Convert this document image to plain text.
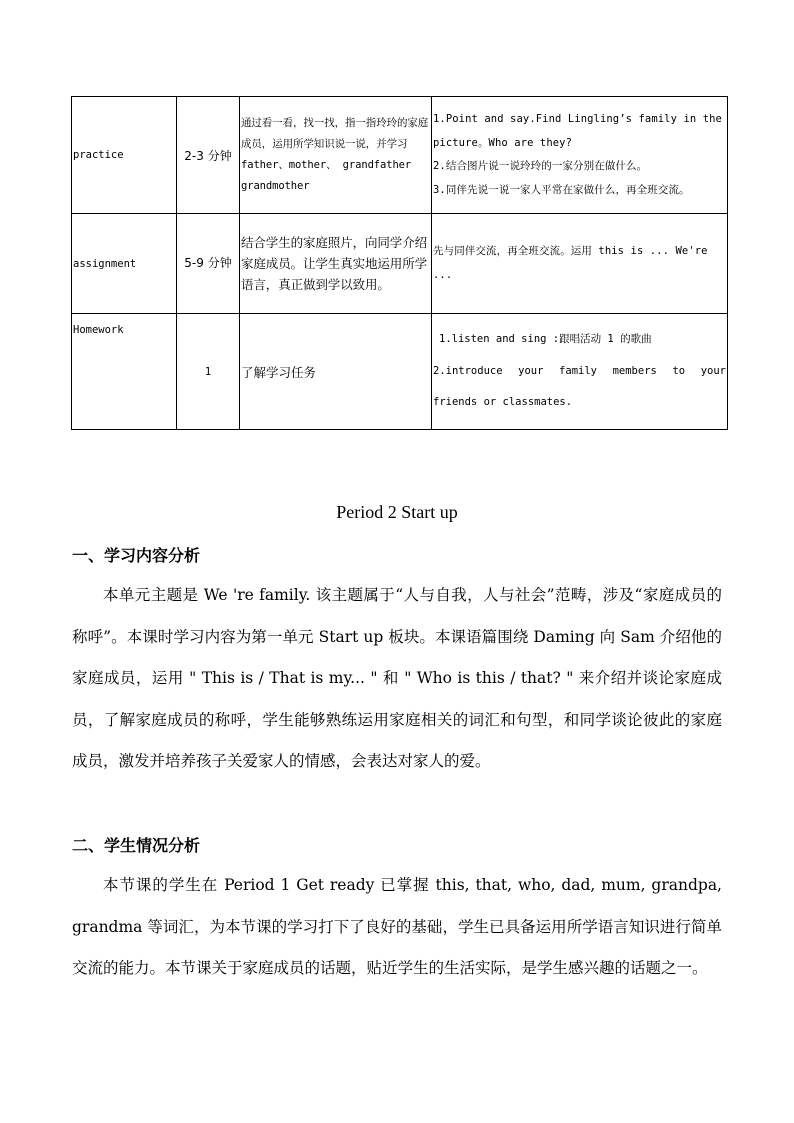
practice	2-3 分钟	通过看一看，找一找，指一指玲玲的家庭成员，运用所学知识说一说，并学习 father、mother、 grandfather grandmother	1.Point and say.Find Lingling’s family in the picture。Who are they?
2.结合图片说一说玲玲的一家分别在做什么。
3.同伴先说一说一家人平常在家做什么，再全班交流。

assignment	5-9 分钟	结合学生的家庭照片，向同学介绍家庭成员。让学生真实地运用所学语言，真正做到学以致用。	先与同伴交流，再全班交流。运用 this is ... We're ...

Homework	1	了解学习任务	1.listen and sing :跟唱活动 1 的歌曲
2.introduce your family members to your friends or classmates.
Period 2 Start up
一、学习内容分析
本单元主题是 We 're family. 该主题属于“人与自我，人与社会”范畴，涉及“家庭成员的称呼”。本课时学习内容为第一单元 Start up 板块。本课语篇围绕 Daming 向 Sam 介绍他的家庭成员，运用 " This is / That is my... " 和 " Who is this / that? " 来介绍并谈论家庭成员，了解家庭成员的称呼，学生能够熟练运用家庭相关的词汇和句型，和同学谈论彼此的家庭成员，激发并培养孩子关爱家人的情感，会表达对家人的爱。
二、学生情况分析
本节课的学生在 Period 1 Get ready 已掌握 this, that, who, dad, mum, grandpa, grandma 等词汇，为本节课的学习打下了良好的基础，学生已具备运用所学语言知识进行简单交流的能力。本节课关于家庭成员的话题，贴近学生的生活实际，是学生感兴趣的话题之一。
